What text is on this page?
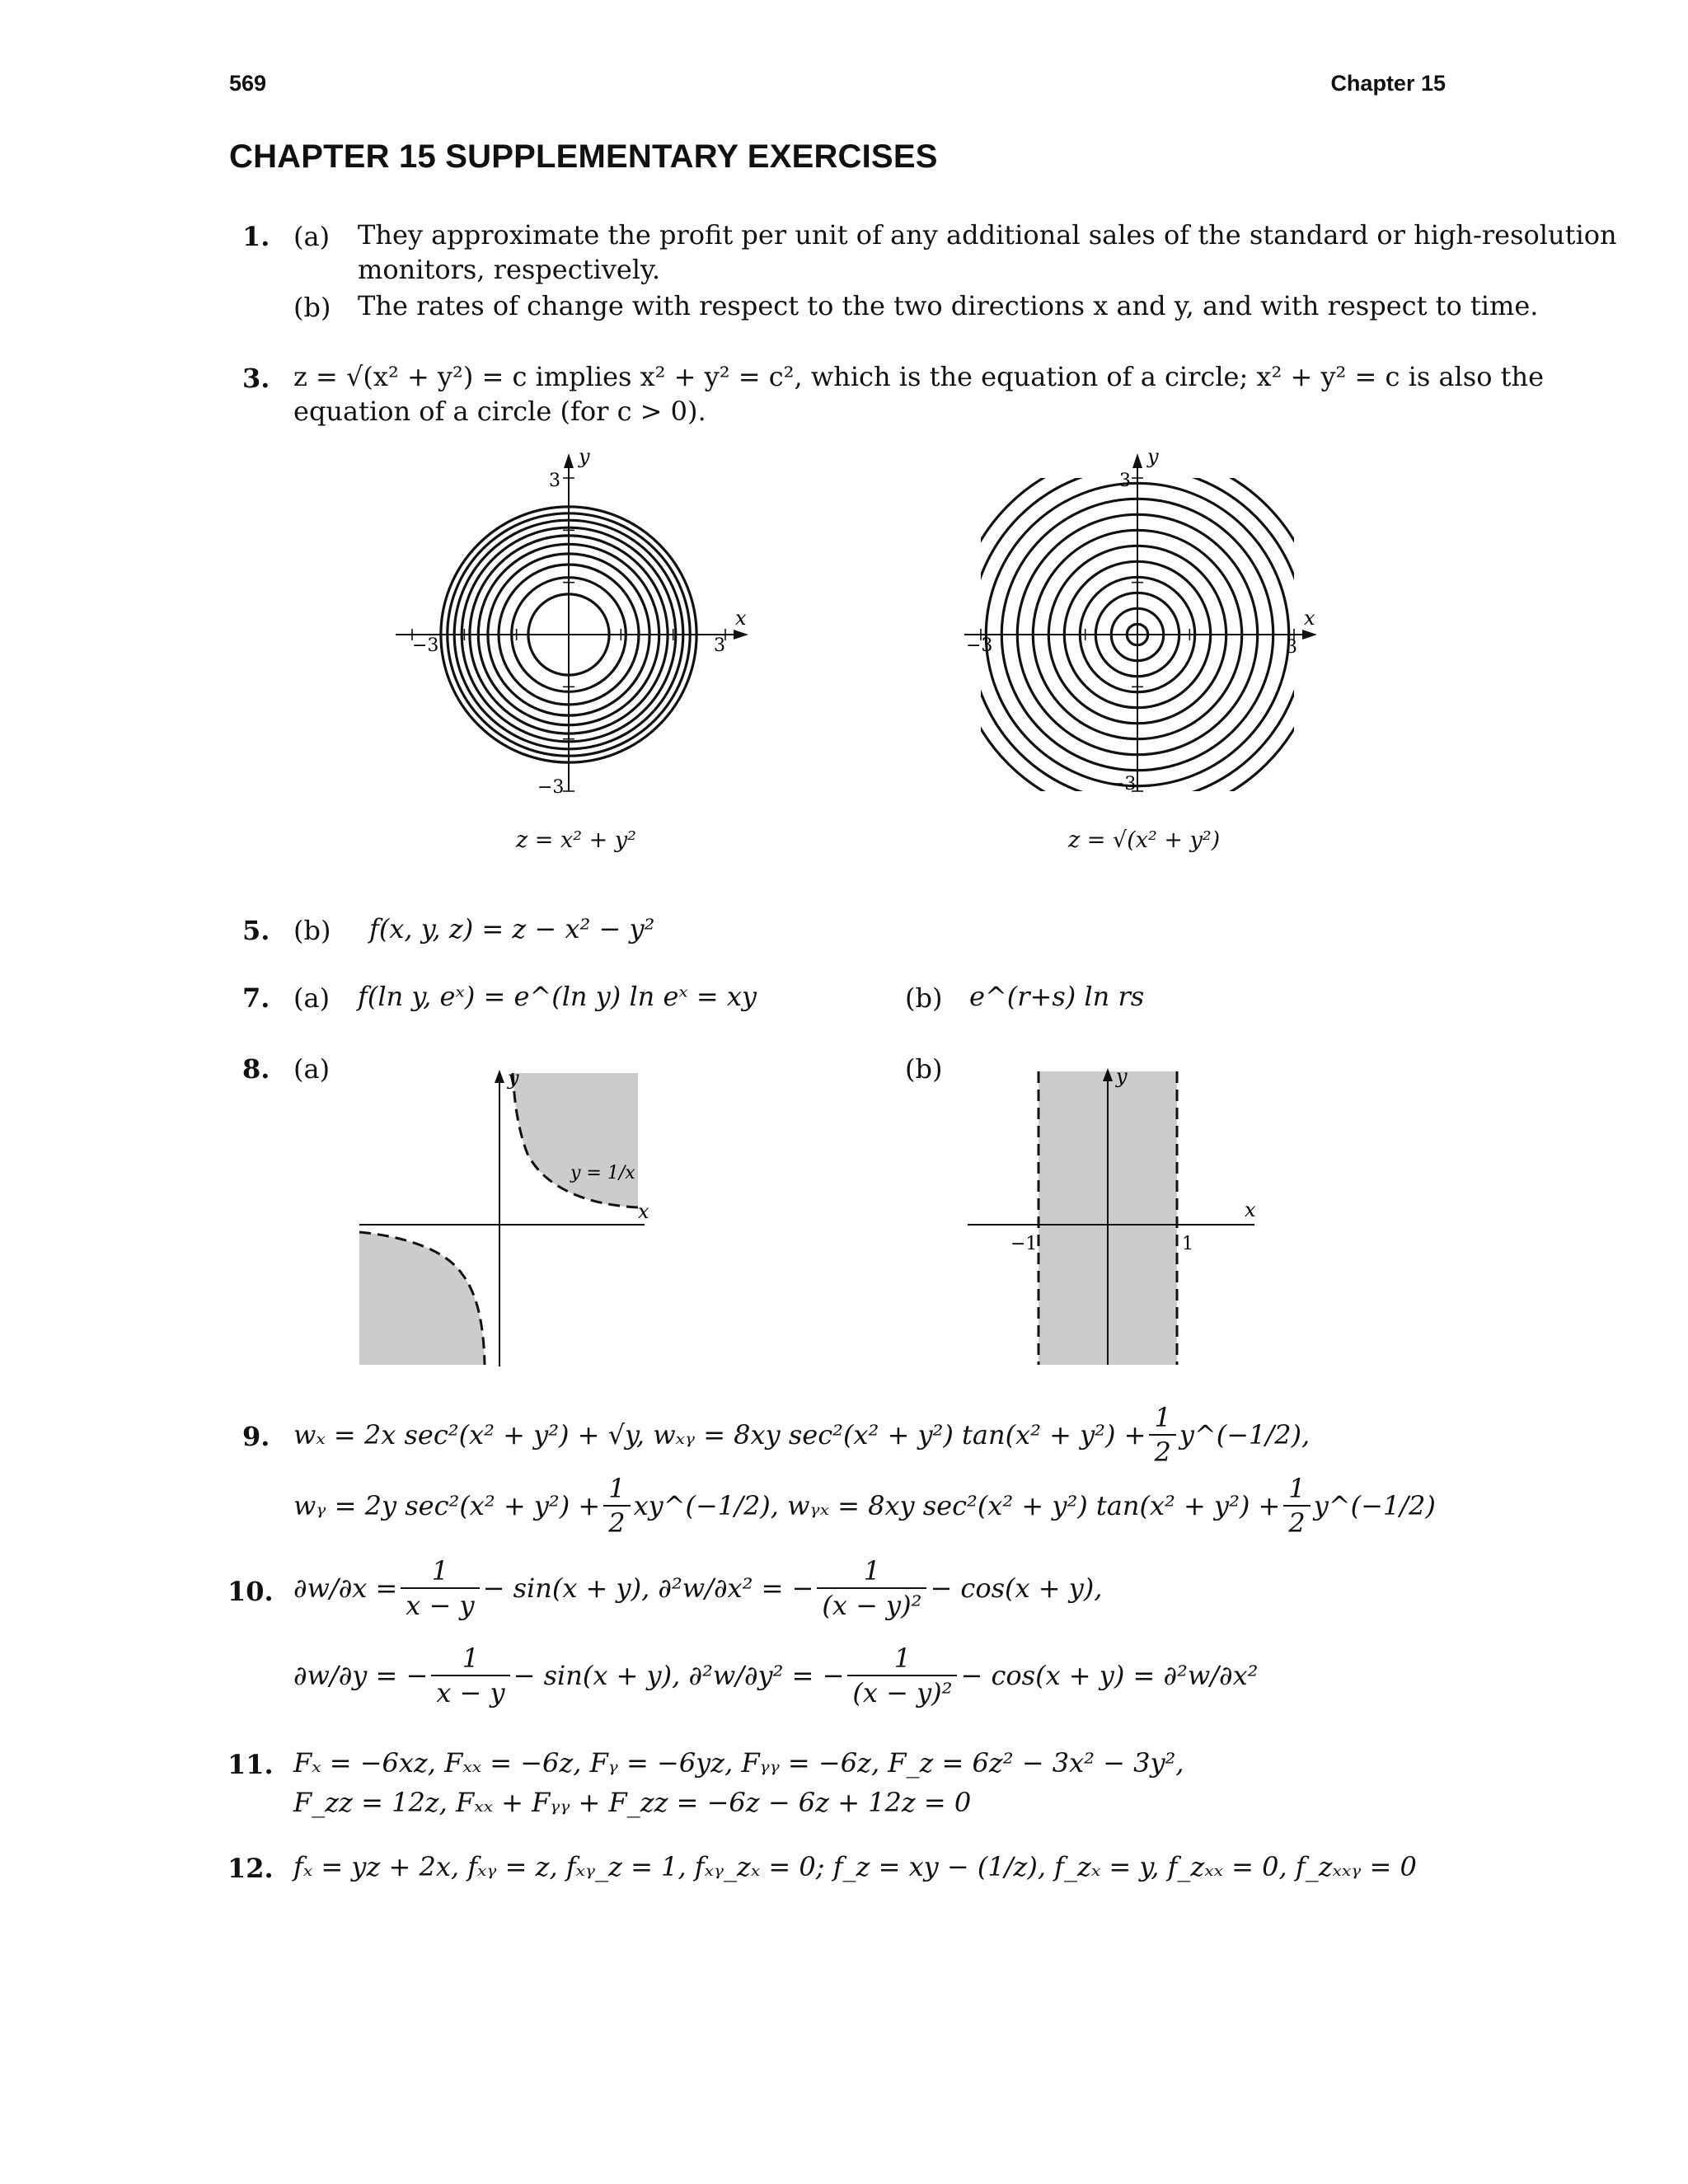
569	Chapter 15
CHAPTER 15 SUPPLEMENTARY EXERCISES
1. (a) They approximate the profit per unit of any additional sales of the standard or high-resolution
monitors, respectively.
(b) The rates of change with respect to the two directions x and y, and with respect to time.
3. z = √(x² + y²) = c implies x² + y² = c², which is the equation of a circle; x² + y² = c is also the
equation of a circle (for c > 0).
x
y
−3	3
3
−3
z = x² + y²
x
y
−3	3
3
−3
z = √(x² + y²)
5. (b) f(x, y, z) = z − x² − y²
7. (a) f(ln y, eˣ) = e^(ln y) ln eˣ = xy	(b) e^(r+s) ln rs
8. (a)	(b)
y
x
y = 1/x
y
x
−1	1
9. wₓ = 2x sec²(x² + y²) + √y, wₓᵧ = 8xy sec²(x² + y²) $\tan(x^2 + y^2) + \frac{1}{2}$ y^(−1/2),
wᵧ = 2y $\sec^2(x^2 + y^2) + \frac{1}{2}$ xy^(−1/2), wᵧₓ = 8xy sec²(x² + y²) $\tan(x^2 + y^2) + \frac{1}{2}$ y^(−1/2)
10. $\partial w/\partial x = \frac{1}{x - y} - \sin(x + y)$, ∂²w/∂x² = − $\frac{1}{\text{(x − y)²}} - \cos(x + y)$,
∂w/∂y = − $\frac{1}{x - y} - \sin(x + y)$, ∂²w/∂y² = − $\frac{1}{\text{(x − y)²}} - \cos(x + y) = \partial^2w/\partial x^2$
11. Fₓ = −6xz, Fₓₓ = −6z, Fᵧ = −6yz, Fᵧᵧ = −6z, F_z = 6z² − 3x² − 3y²,
F_zz = 12z, Fₓₓ + Fᵧᵧ + F_zz = −6z − 6z + 12z = 0
12. fₓ = yz + 2x, fₓᵧ = z, fₓᵧ_z = 1, fₓᵧ_zₓ = 0; f_z = xy − (1/z), f_zₓ = y, f_zₓₓ = 0, f_zₓₓᵧ = 0
